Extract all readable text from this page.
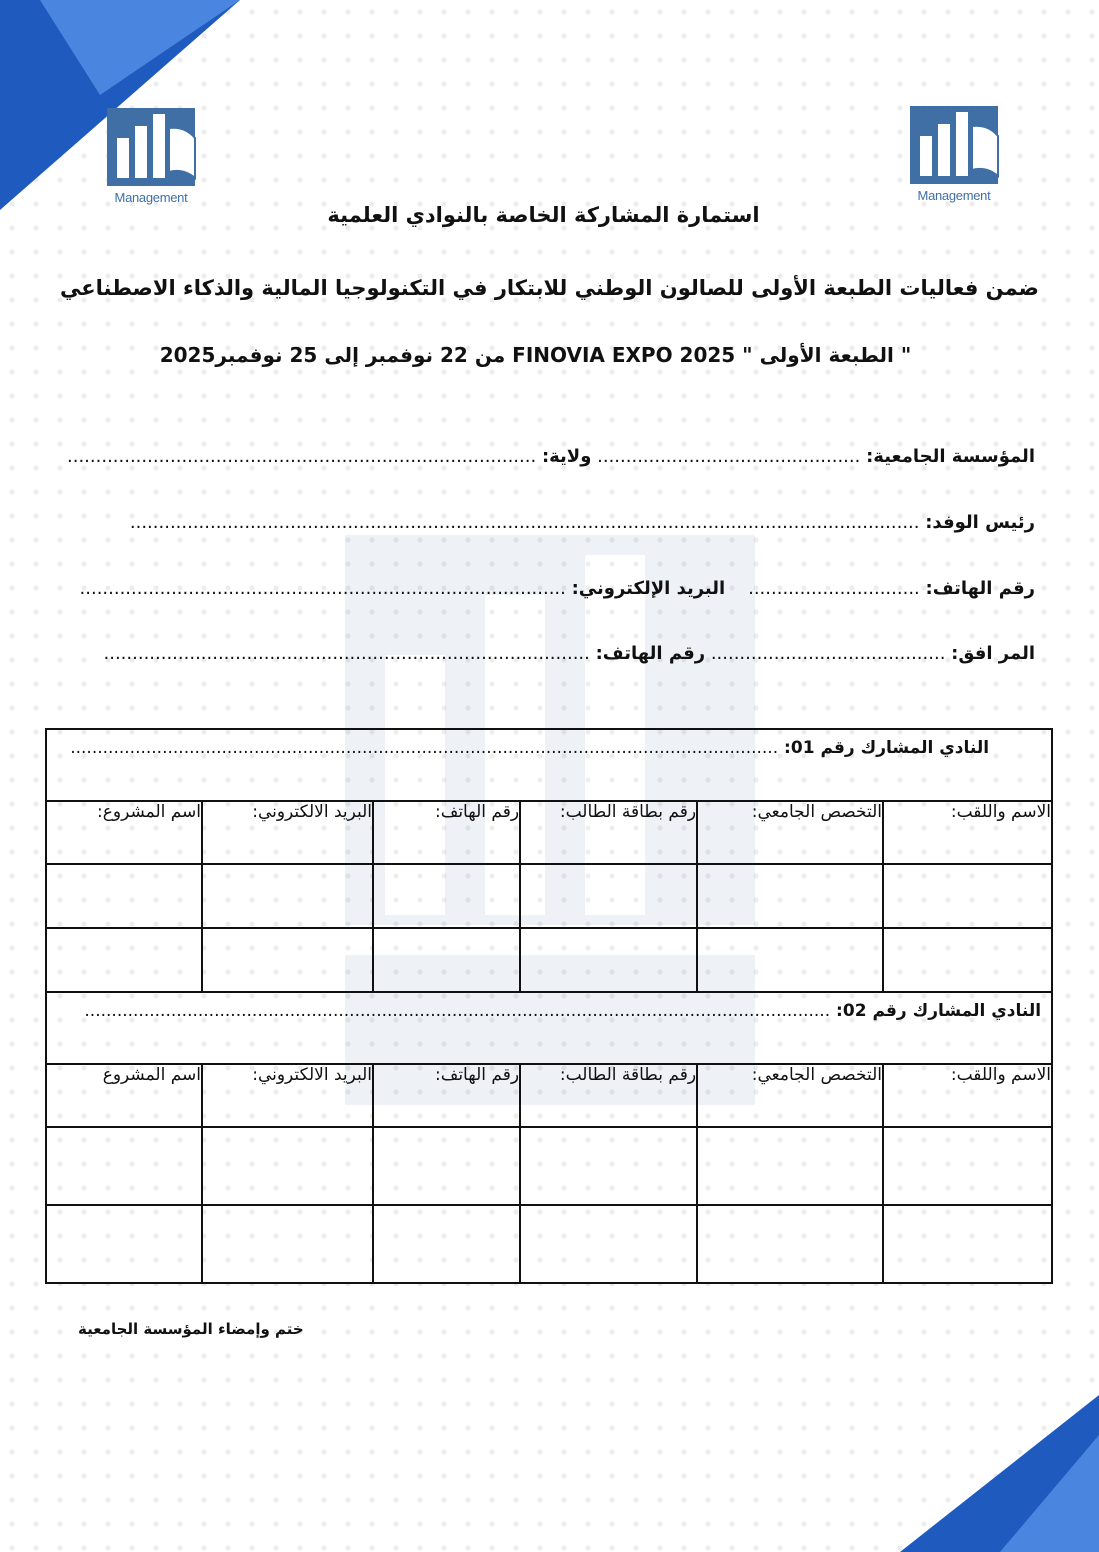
Management	Management
استمارة المشاركة الخاصة بالنوادي العلمية
ضمن فعاليات الطبعة الأولى للصالون الوطني للابتكار في التكنولوجيا المالية والذكاء الاصطناعي
" الطبعة الأولى " FINOVIA EXPO 2025 من 22 نوفمبر إلى 25 نوفمبر2025
المؤسسة الجامعية: .............................................. ولاية: ..................................................................................
رئيس الوفد: ..........................................................................................................................................
رقم الهاتف: ..............................    البريد الإلكتروني: .....................................................................................
المر افق: ......................................... رقم الهاتف: .....................................................................................
النادي المشارك رقم 01: ...................................................................................................................................					
الاسم واللقب:	التخصص الجامعي:	رقم بطاقة الطالب:	رقم الهاتف:	البريد الالكتروني:	اسم المشروع:

النادي المشارك رقم 02: ..........................................................................................................................................					
الاسم واللقب:	التخصص الجامعي:	رقم بطاقة الطالب:	رقم الهاتف:	البريد الالكتروني:	اسم المشروع

ختم وإمضاء المؤسسة الجامعية
